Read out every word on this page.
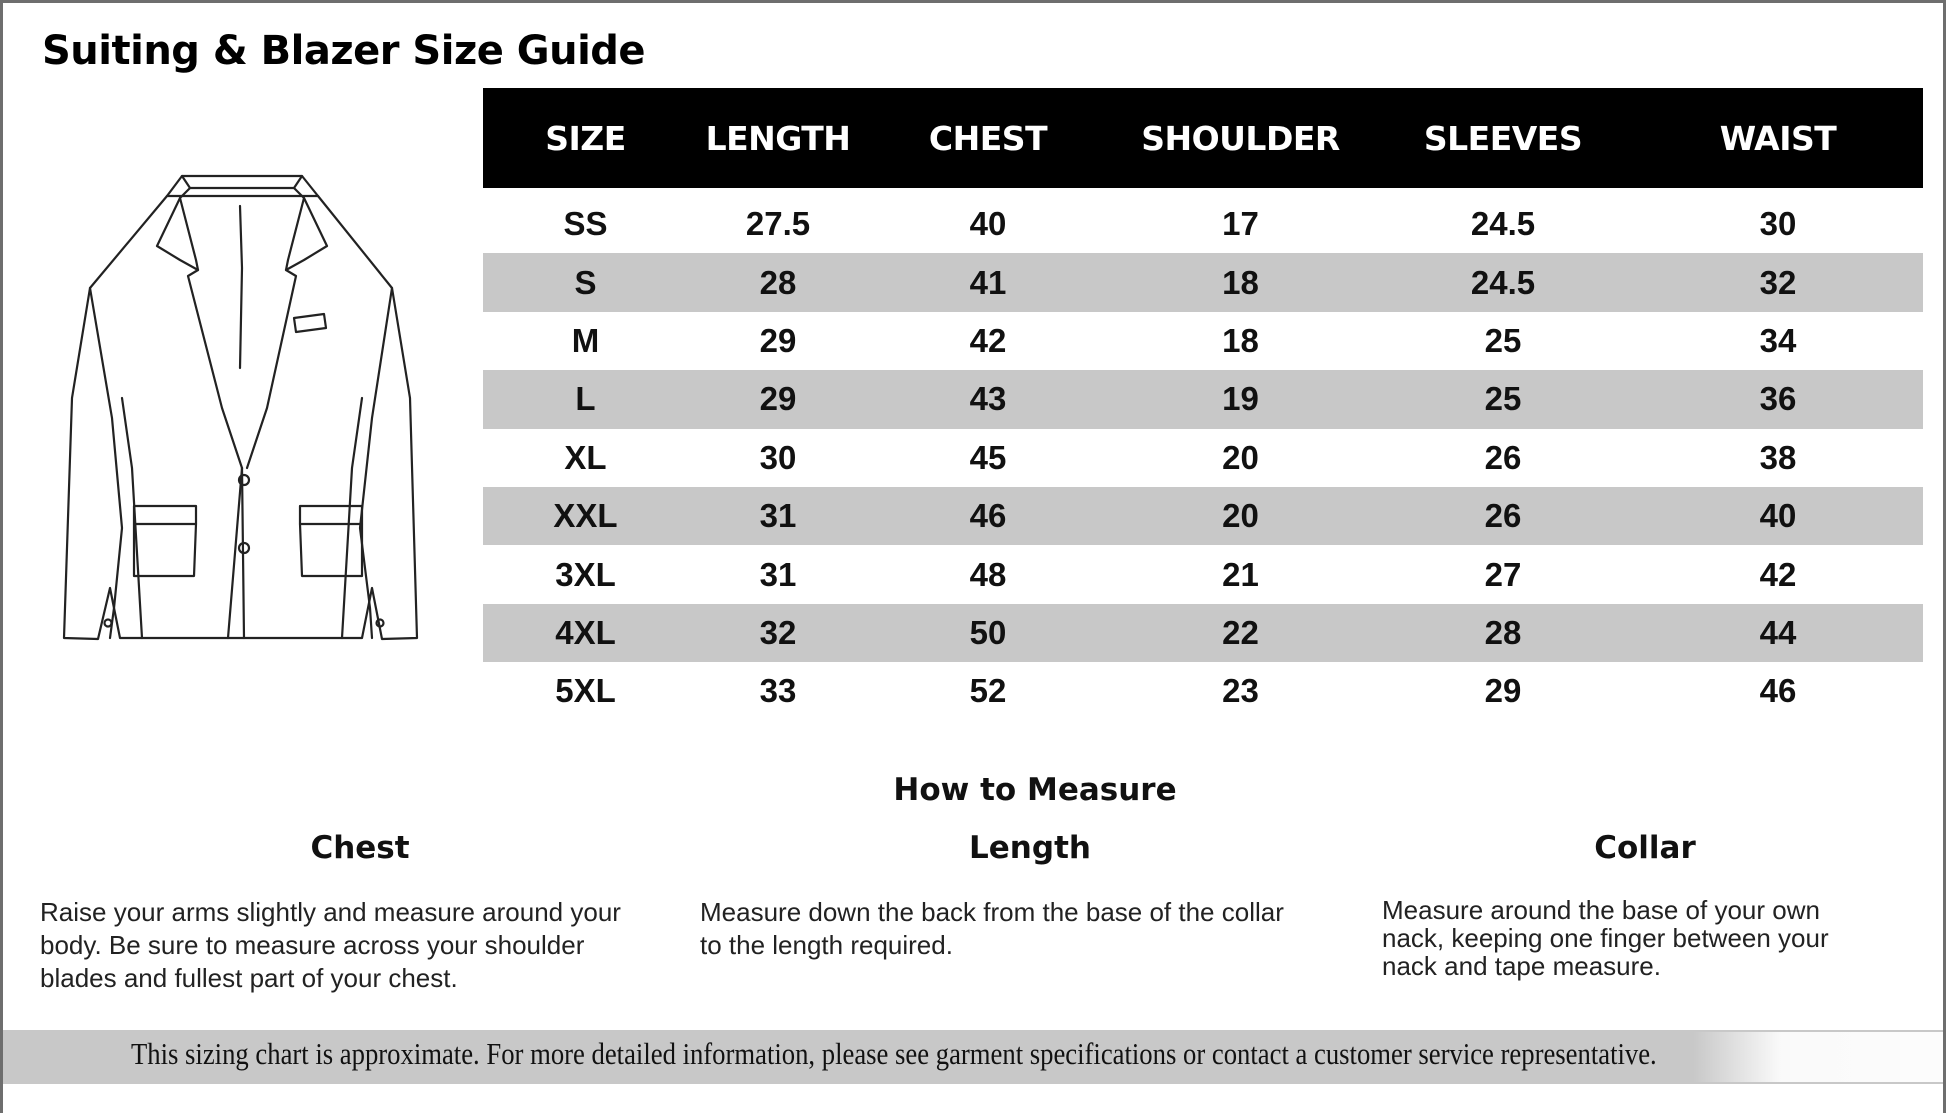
Suiting & Blazer Size Guide
SIZE	LENGTH	CHEST	SHOULDER	SLEEVES	WAIST
SS	27.5	40	17	24.5	30
S	28	41	18	24.5	32
M	29	42	18	25	34
L	29	43	19	25	36
XL	30	45	20	26	38
XXL	31	46	20	26	40
3XL	31	48	21	27	42
4XL	32	50	22	28	44
5XL	33	52	23	29	46
How to Measure
Chest	Length	Collar
Raise your arms slightly and measure around your
body. Be sure to measure across your shoulder
blades and fullest part of your chest.
Measure down the back from the base of the collar
to the length required.
Measure around the base of your own
nack, keeping one finger between your
nack and tape measure.
This sizing chart is approximate. For more detailed information, please see garment specifications or contact a customer service representative.
